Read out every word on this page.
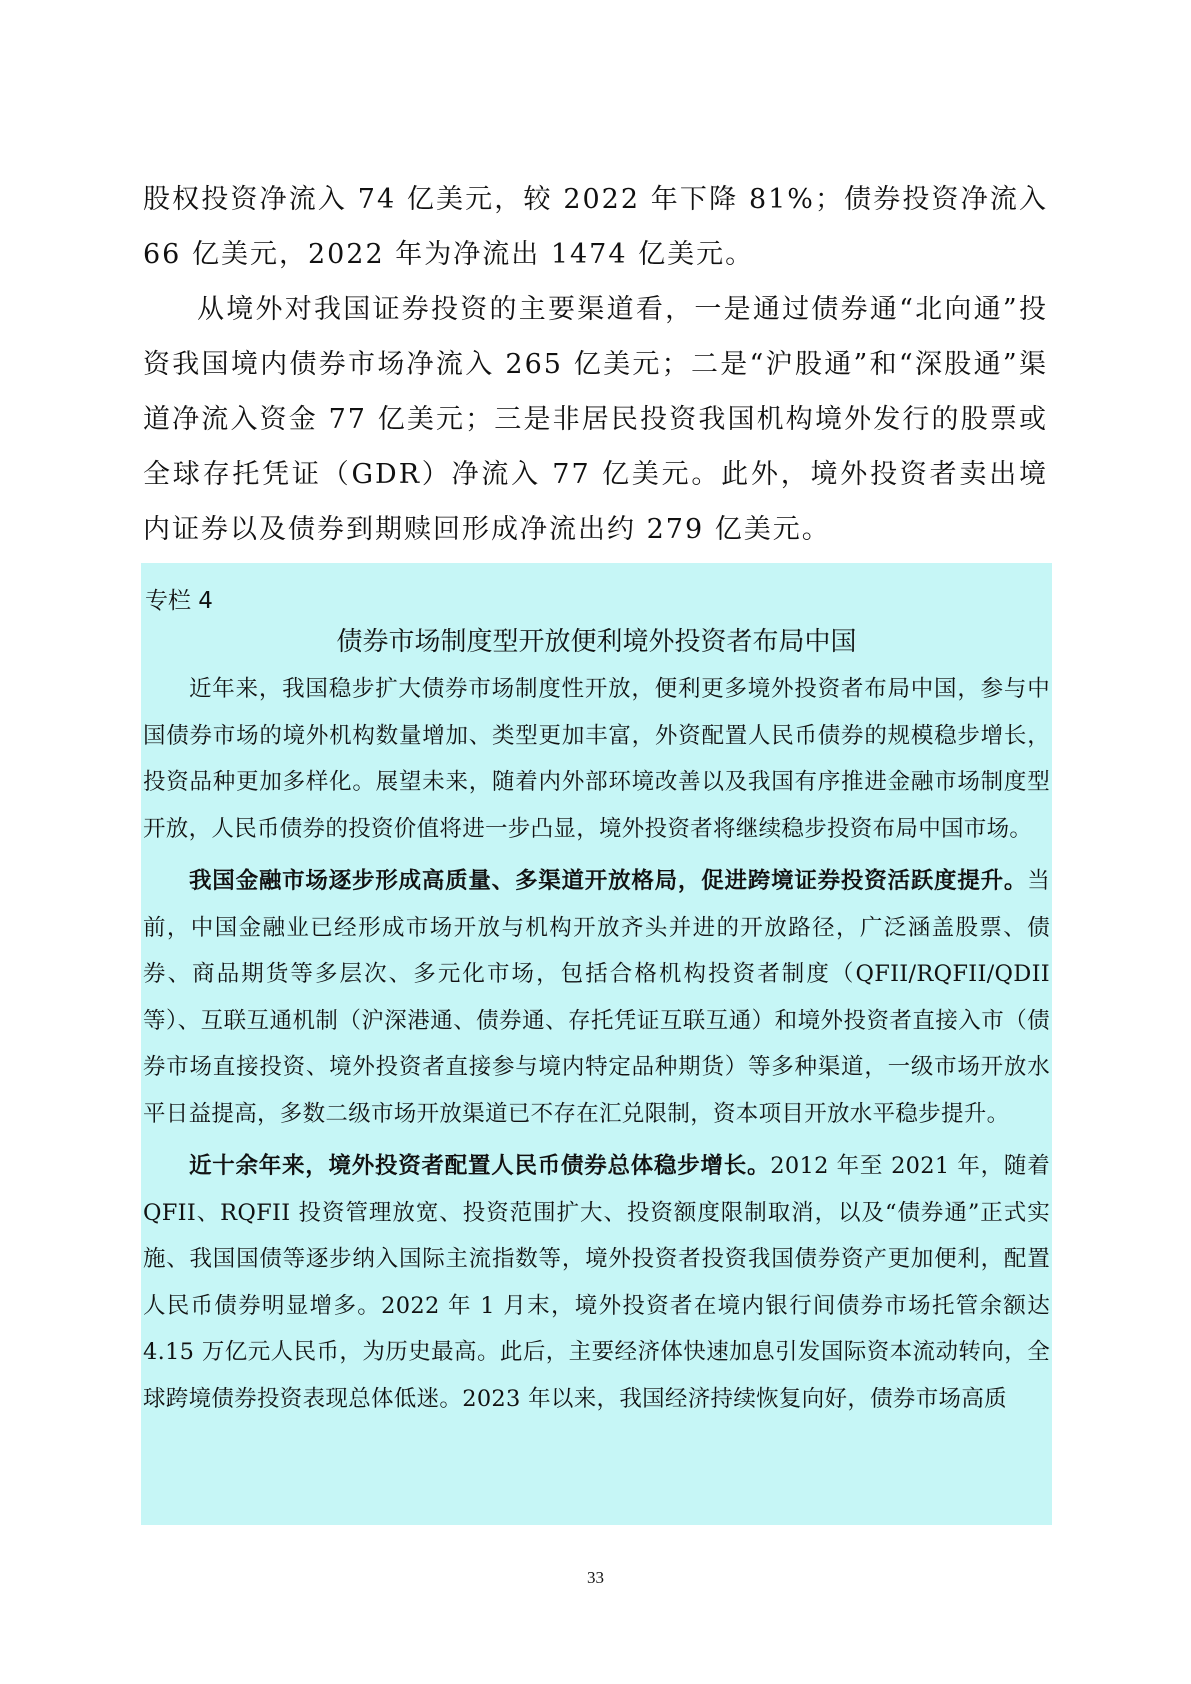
股权投资净流入 74 亿美元，较 2022 年下降 81%；债券投资净流入 66 亿美元，2022 年为净流出 1474 亿美元。

从境外对我国证券投资的主要渠道看，一是通过债券通“北向通”投资我国境内债券市场净流入 265 亿美元；二是“沪股通”和“深股通”渠道净流入资金 77 亿美元；三是非居民投资我国机构境外发行的股票或全球存托凭证（GDR）净流入 77 亿美元。此外，境外投资者卖出境内证券以及债券到期赎回形成净流出约 279 亿美元。

专栏 4
债券市场制度型开放便利境外投资者布局中国

近年来，我国稳步扩大债券市场制度性开放，便利更多境外投资者布局中国，参与中国债券市场的境外机构数量增加、类型更加丰富，外资配置人民币债券的规模稳步增长，投资品种更加多样化。展望未来，随着内外部环境改善以及我国有序推进金融市场制度型开放，人民币债券的投资价值将进一步凸显，境外投资者将继续稳步投资布局中国市场。

我国金融市场逐步形成高质量、多渠道开放格局，促进跨境证券投资活跃度提升。当前，中国金融业已经形成市场开放与机构开放齐头并进的开放路径，广泛涵盖股票、债券、商品期货等多层次、多元化市场，包括合格机构投资者制度（QFII/RQFII/QDII 等）、互联互通机制（沪深港通、债券通、存托凭证互联互通）和境外投资者直接入市（债券市场直接投资、境外投资者直接参与境内特定品种期货）等多种渠道，一级市场开放水平日益提高，多数二级市场开放渠道已不存在汇兑限制，资本项目开放水平稳步提升。

近十余年来，境外投资者配置人民币债券总体稳步增长。2012 年至 2021 年，随着 QFII、RQFII 投资管理放宽、投资范围扩大、投资额度限制取消，以及“债券通”正式实施、我国国债等逐步纳入国际主流指数等，境外投资者投资我国债券资产更加便利，配置人民币债券明显增多。2022 年 1 月末，境外投资者在境内银行间债券市场托管余额达 4.15 万亿元人民币，为历史最高。此后，主要经济体快速加息引发国际资本流动转向，全球跨境债券投资表现总体低迷。2023 年以来，我国经济持续恢复向好，债券市场高质

33
